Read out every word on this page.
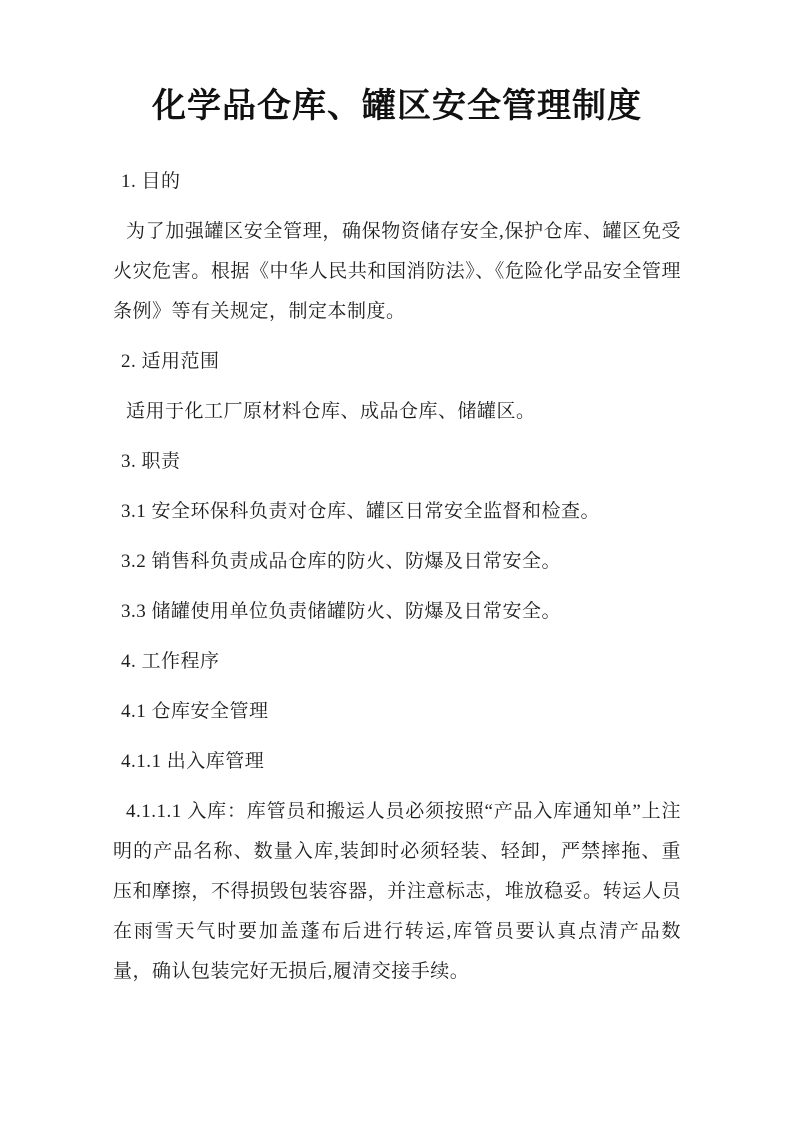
化学品仓库、罐区安全管理制度

1. 目的

为了加强罐区安全管理，确保物资储存安全,保护仓库、罐区免受火灾危害。根据《中华人民共和国消防法》、《危险化学品安全管理条例》等有关规定，制定本制度。

2. 适用范围

适用于化工厂原材料仓库、成品仓库、储罐区。

3. 职责

3.1 安全环保科负责对仓库、罐区日常安全监督和检查。

3.2 销售科负责成品仓库的防火、防爆及日常安全。

3.3 储罐使用单位负责储罐防火、防爆及日常安全。

4. 工作程序

4.1 仓库安全管理

4.1.1 出入库管理

4.1.1.1 入库：库管员和搬运人员必须按照“产品入库通知单”上注明的产品名称、数量入库,装卸时必须轻装、轻卸，严禁摔拖、重压和摩擦，不得损毁包装容器，并注意标志，堆放稳妥。转运人员在雨雪天气时要加盖蓬布后进行转运,库管员要认真点清产品数量，确认包装完好无损后,履清交接手续。
